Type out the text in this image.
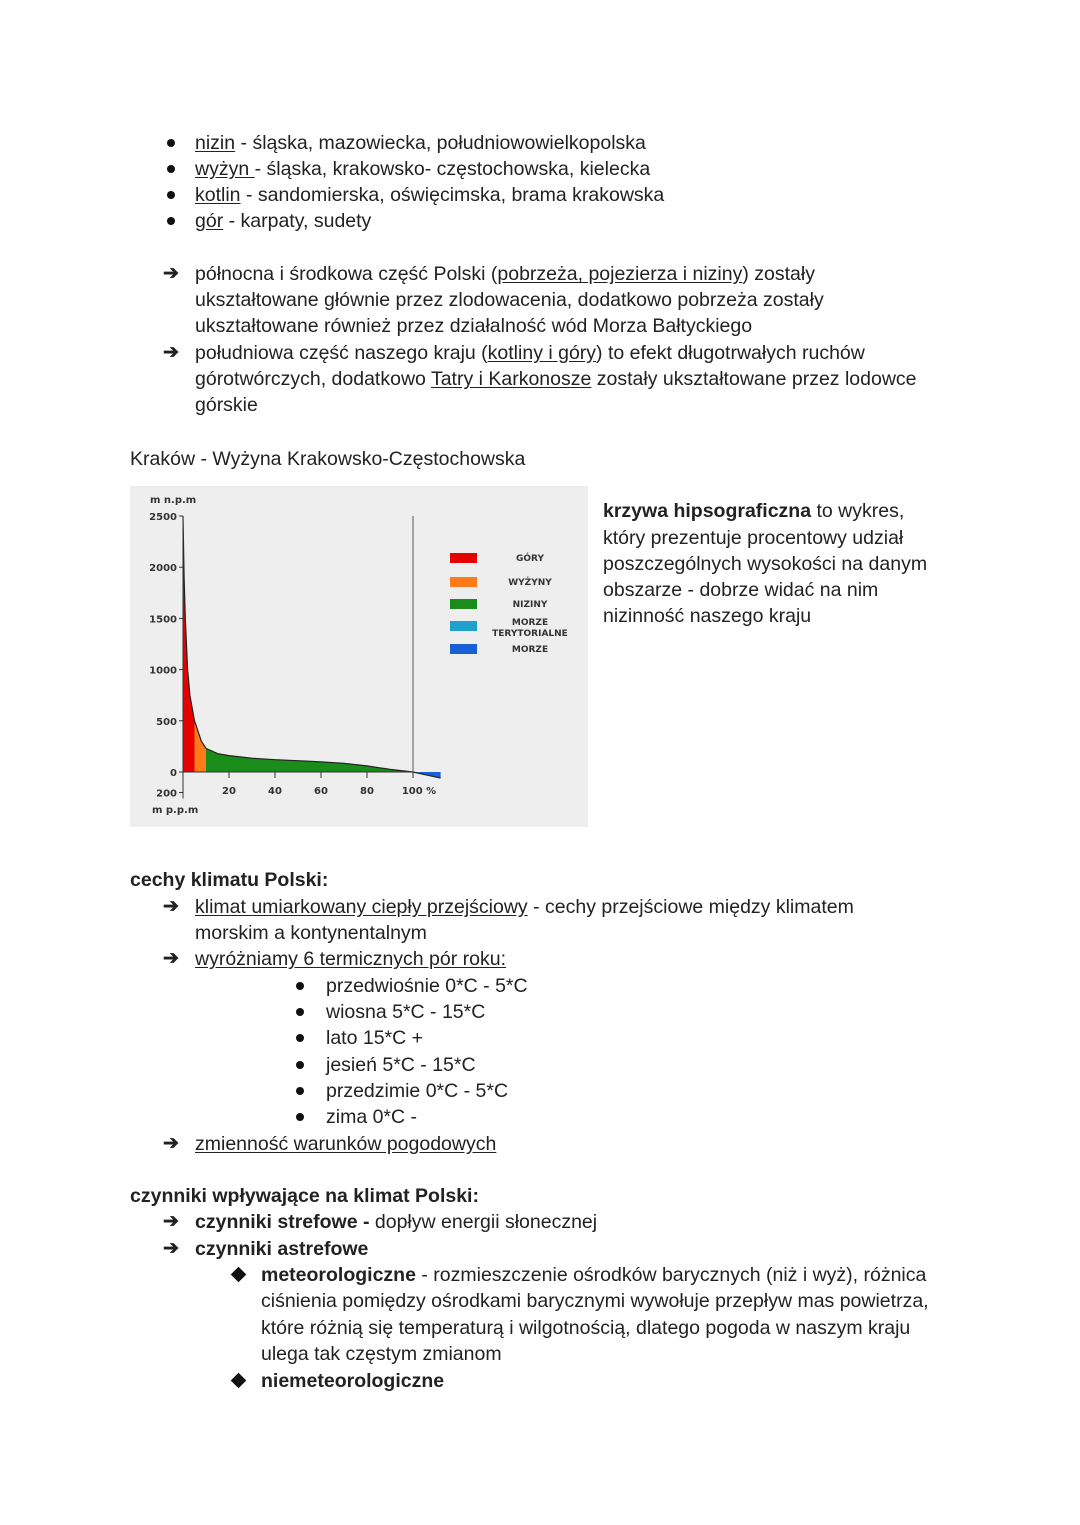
nizin - śląska, mazowiecka, południowowielkopolska
wyżyn - śląska, krakowsko- częstochowska, kielecka
kotlin - sandomierska, oświęcimska, brama krakowska
gór - karpaty, sudety
➔ północna i środkowa część Polski (pobrzeża, pojezierza i niziny) zostały
ukształtowane głównie przez zlodowacenia, dodatkowo pobrzeża zostały
ukształtowane również przez działalność wód Morza Bałtyckiego
➔ południowa część naszego kraju (kotliny i góry) to efekt długotrwałych ruchów
górotwórczych, dodatkowo Tatry i Karkonosze zostały ukształtowane przez lodowce
górskie
Kraków - Wyżyna Krakowsko-Częstochowska
m n.p.m
m p.p.m
2500
2000
1500
1000
500
0
200	20	40	60	80	100 %
GÓRY
WYŻYNY
NIZINY
MORZE
TERYTORIALNE
MORZE
krzywa hipsograficzna to wykres,
który prezentuje procentowy udział
poszczególnych wysokości na danym
obszarze - dobrze widać na nim
nizinność naszego kraju
cechy klimatu Polski:
➔ klimat umiarkowany ciepły przejściowy - cechy przejściowe między klimatem
morskim a kontynentalnym
➔ wyróżniamy 6 termicznych pór roku:
przedwiośnie 0*C - 5*C
wiosna 5*C - 15*C
lato 15*C +
jesień 5*C - 15*C
przedzimie 0*C - 5*C
zima 0*C -
➔ zmienność warunków pogodowych
czynniki wpływające na klimat Polski:
➔ czynniki strefowe - dopływ energii słonecznej
➔ czynniki astrefowe
meteorologiczne - rozmieszczenie ośrodków barycznych (niż i wyż), różnica
ciśnienia pomiędzy ośrodkami barycznymi wywołuje przepływ mas powietrza,
które różnią się temperaturą i wilgotnością, dlatego pogoda w naszym kraju
ulega tak częstym zmianom
niemeteorologiczne
